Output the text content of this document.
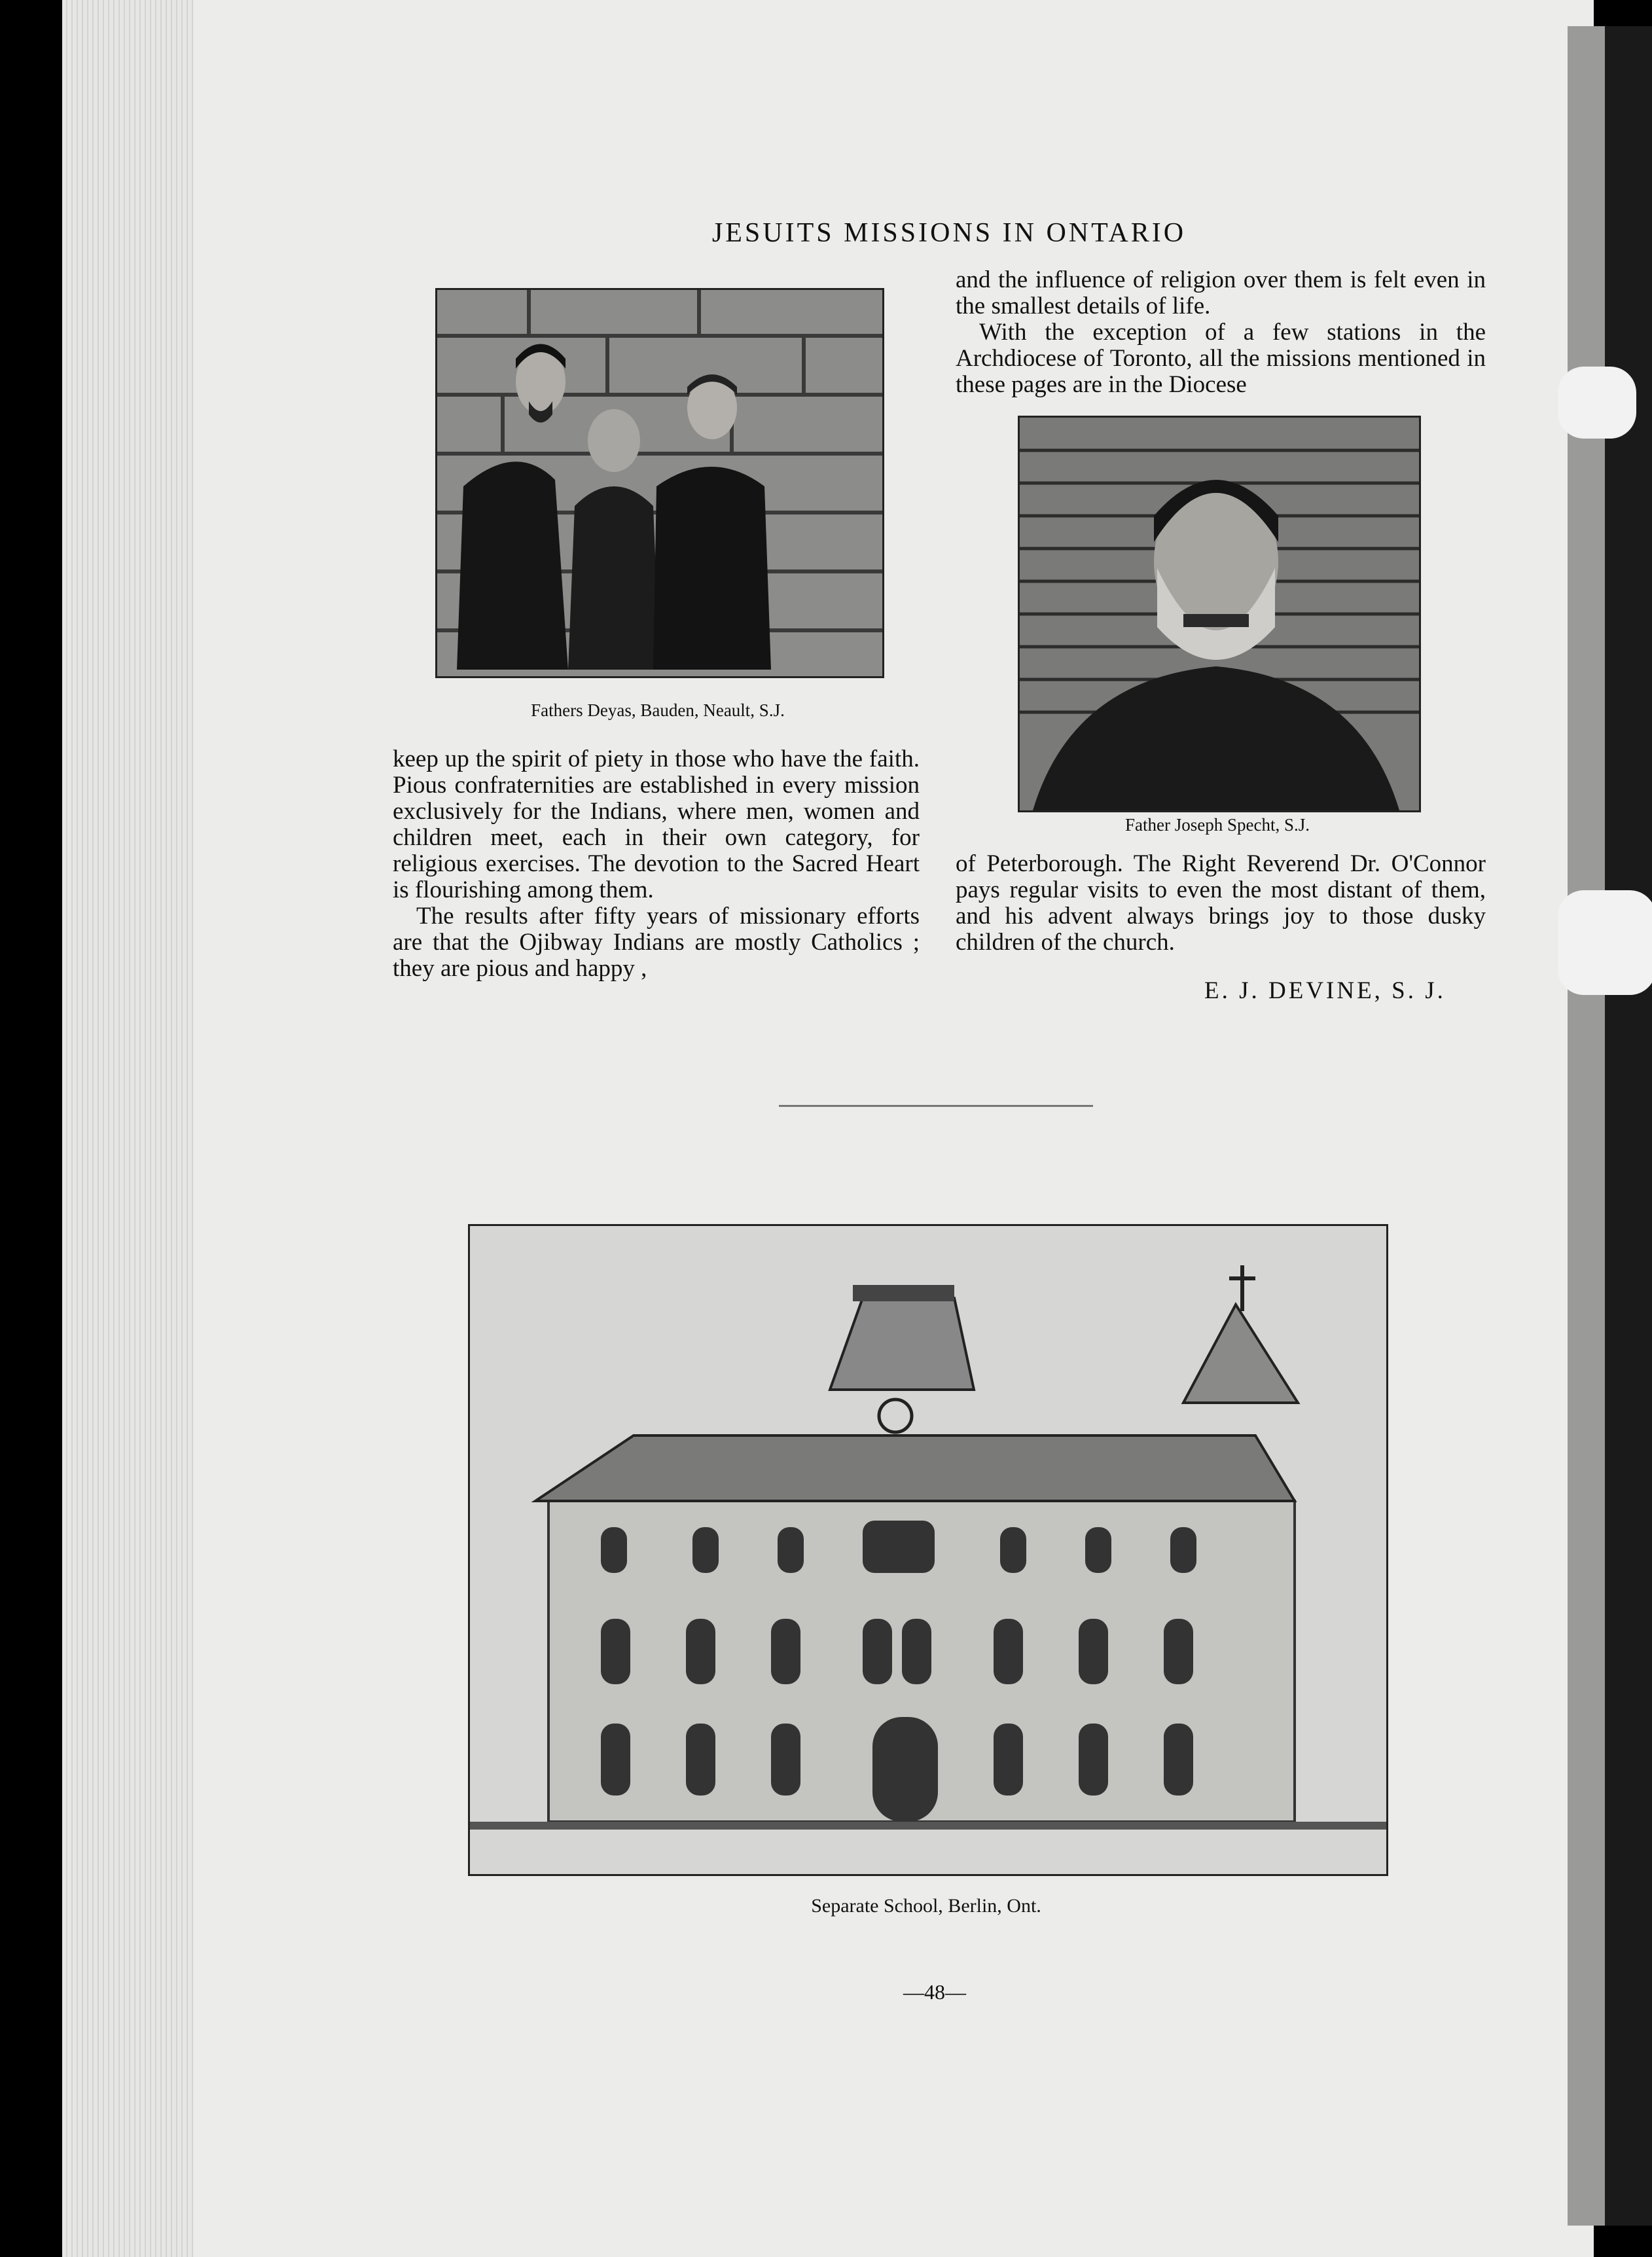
JESUITS MISSIONS IN ONTARIO
Fathers Deyas, Bauden, Neault, S.J.
Father Joseph Specht, S.J.

keep up the spirit of piety in those who have the faith. Pious confraternities are established in every mission exclusively for the Indians, where men, women and children meet, each in their own category, for religious exercises. The devotion to the Sacred Heart is flourishing among them.

The results after fifty years of missionary efforts are that the Ojibway Indians are mostly Catholics ; they are pious and happy ,

and the influence of religion over them is felt even in the smallest details of life.

With the exception of a few stations in the Archdiocese of Toronto, all the missions mentioned in these pages are in the Diocese

of Peterborough. The Right Reverend Dr. O'Connor pays regular visits to even the most distant of them, and his advent always brings joy to those dusky children of the church.

E. J. DEVINE, S. J.
Separate School, Berlin, Ont.
—48—
